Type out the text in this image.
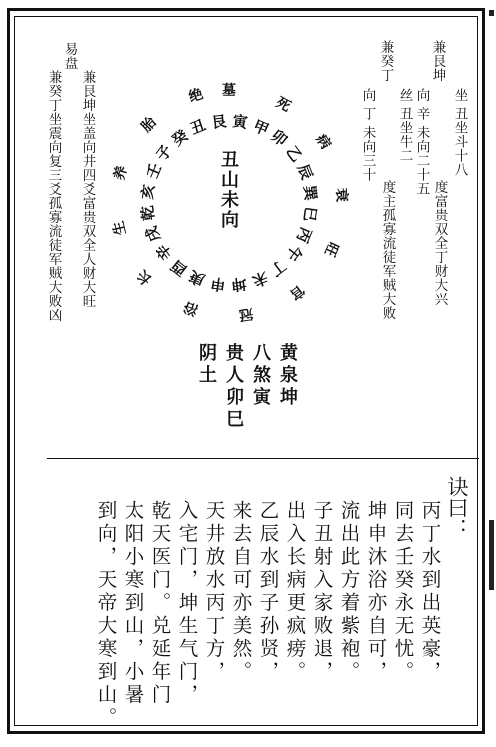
易盘
兼艮坤坐盖向井四爻富贵双全人财大旺
兼癸丁坐震向复三爻孤寡流徒军贼大败凶
兼艮坤
坐 丑坐斗十八
向 辛 未向二十五
度富贵双全丁财大兴
兼癸丁
丝 丑坐牛二
向 丁 未向三十
度主孤寡流徒军贼大败
丑山未向
丑 艮 寅 甲
卯
乙
辰
巽
巳
丙
午
丁
未
坤
申
庚
酉
辛
戌
乾
亥
壬
子
癸
墓
死
病
衰
旺
官
冠
浴
长
生
养
胎
绝
黄泉坤
八煞寅
贵人卯巳
阴土
诀曰：
丙丁水到出英豪，
同去壬癸永无忧。
坤申沐浴亦自可，
流出此方着紫袍。
子丑射入家败退，
出入长病更疯痨。
乙辰水到子孙贤，
来去自可亦美然。
天井放水丙丁方，
入宅门，坤生气门，
乾天医门。兑延年门
太阳小寒到山，小暑
到向，天帝大寒到山。
